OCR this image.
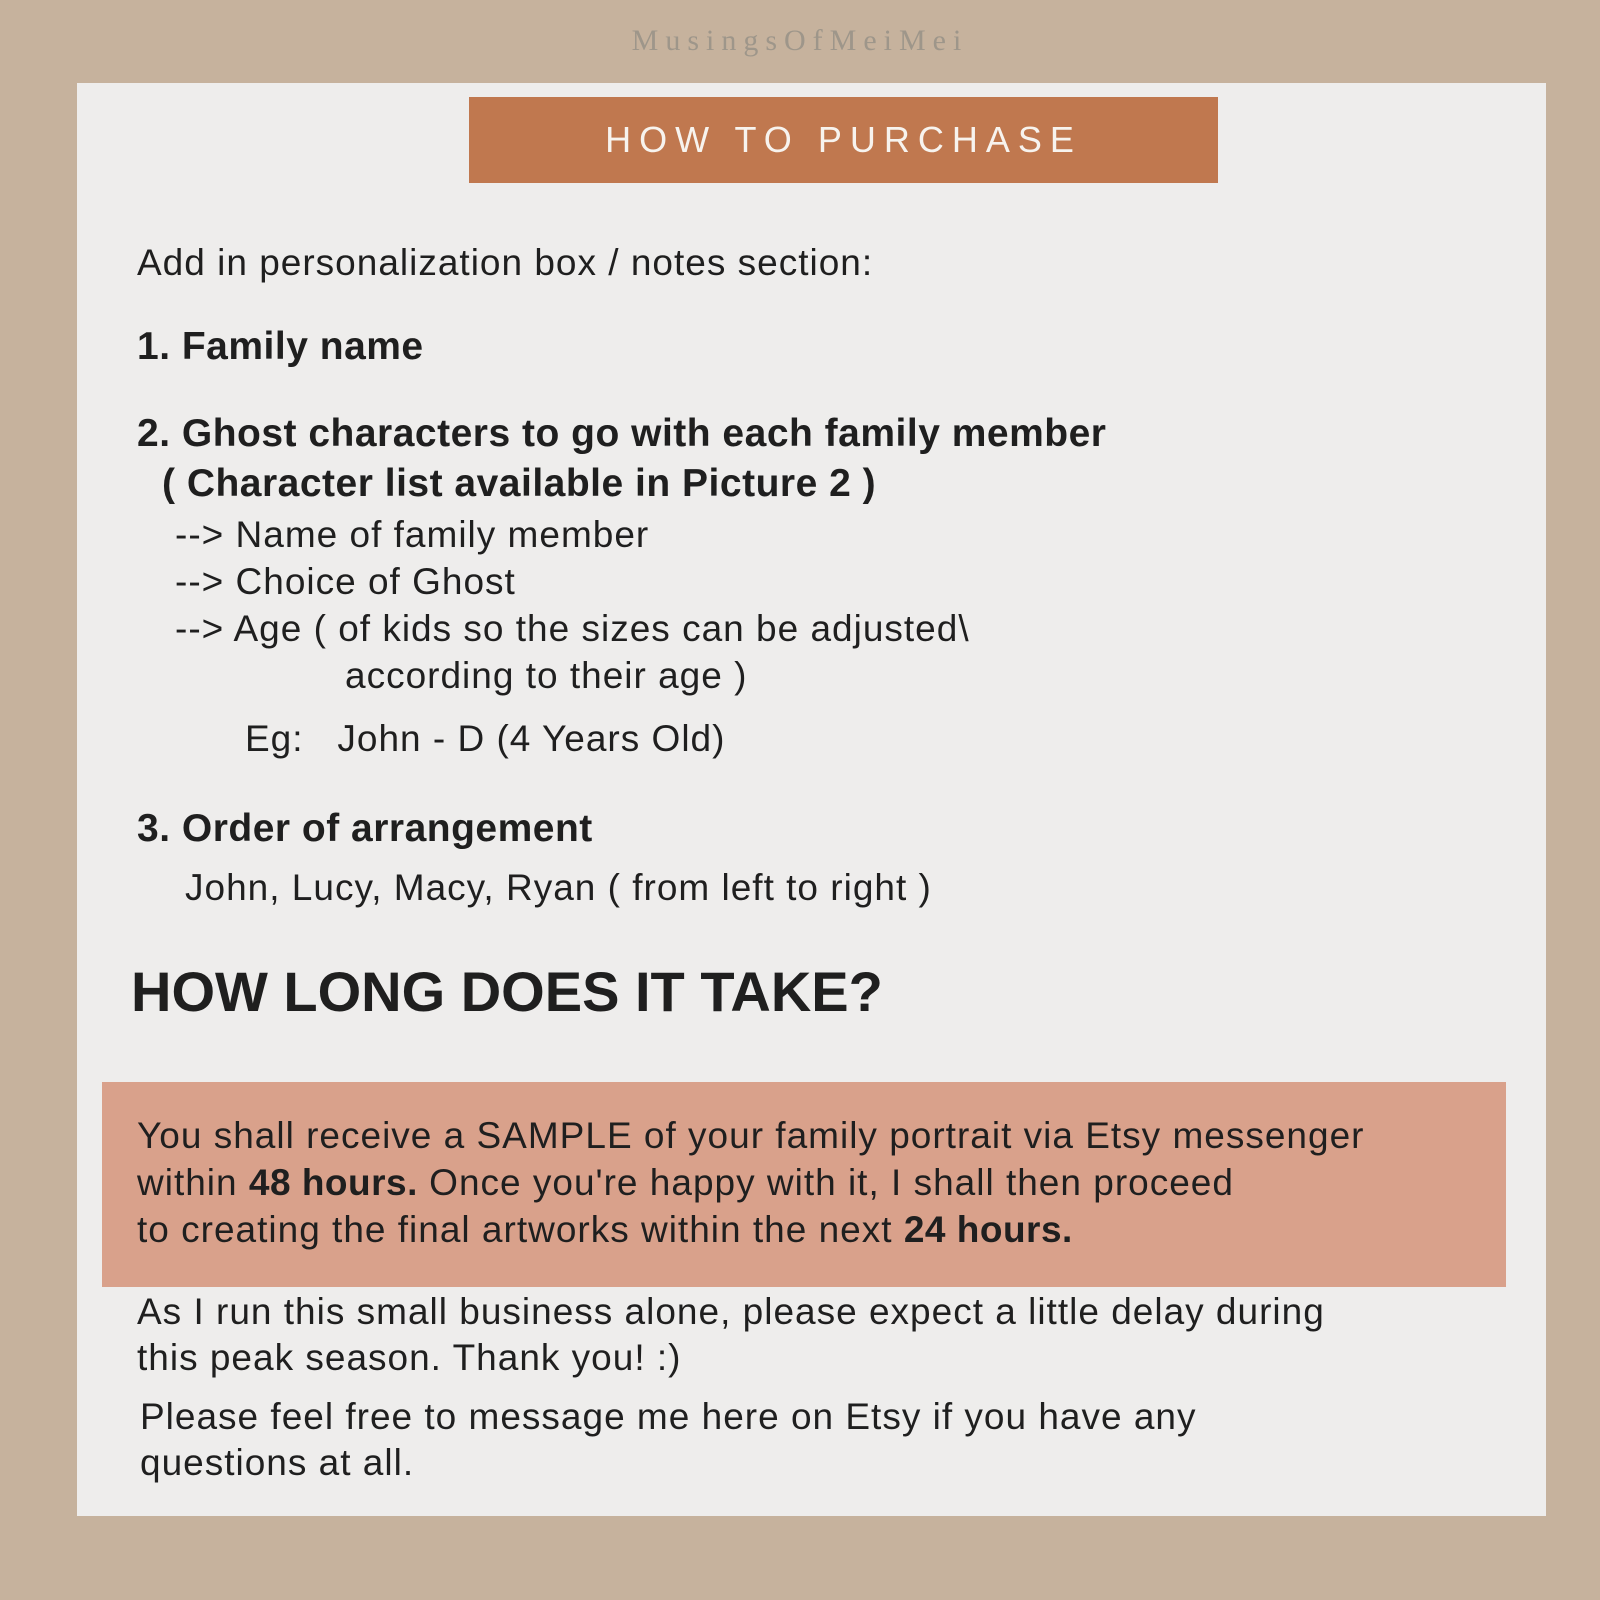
MusingsOfMeiMei
HOW TO PURCHASE
Add in personalization box / notes section:
1. Family name
2. Ghost characters to go with each family member
( Character list available in Picture 2 )
--> Name of family member
--> Choice of Ghost
--> Age ( of kids so the sizes can be adjusted\
according to their age )
Eg:   John - D (4 Years Old)
3. Order of arrangement
John, Lucy, Macy, Ryan ( from left to right )
HOW LONG DOES IT TAKE?
You shall receive a SAMPLE of your family portrait via Etsy messenger
within 48 hours. Once you're happy with it, I shall then proceed
to creating the final artworks within the next 24 hours.
As I run this small business alone, please expect a little delay during
this peak season. Thank you! :)
Please feel free to message me here on Etsy if you have any
questions at all.
